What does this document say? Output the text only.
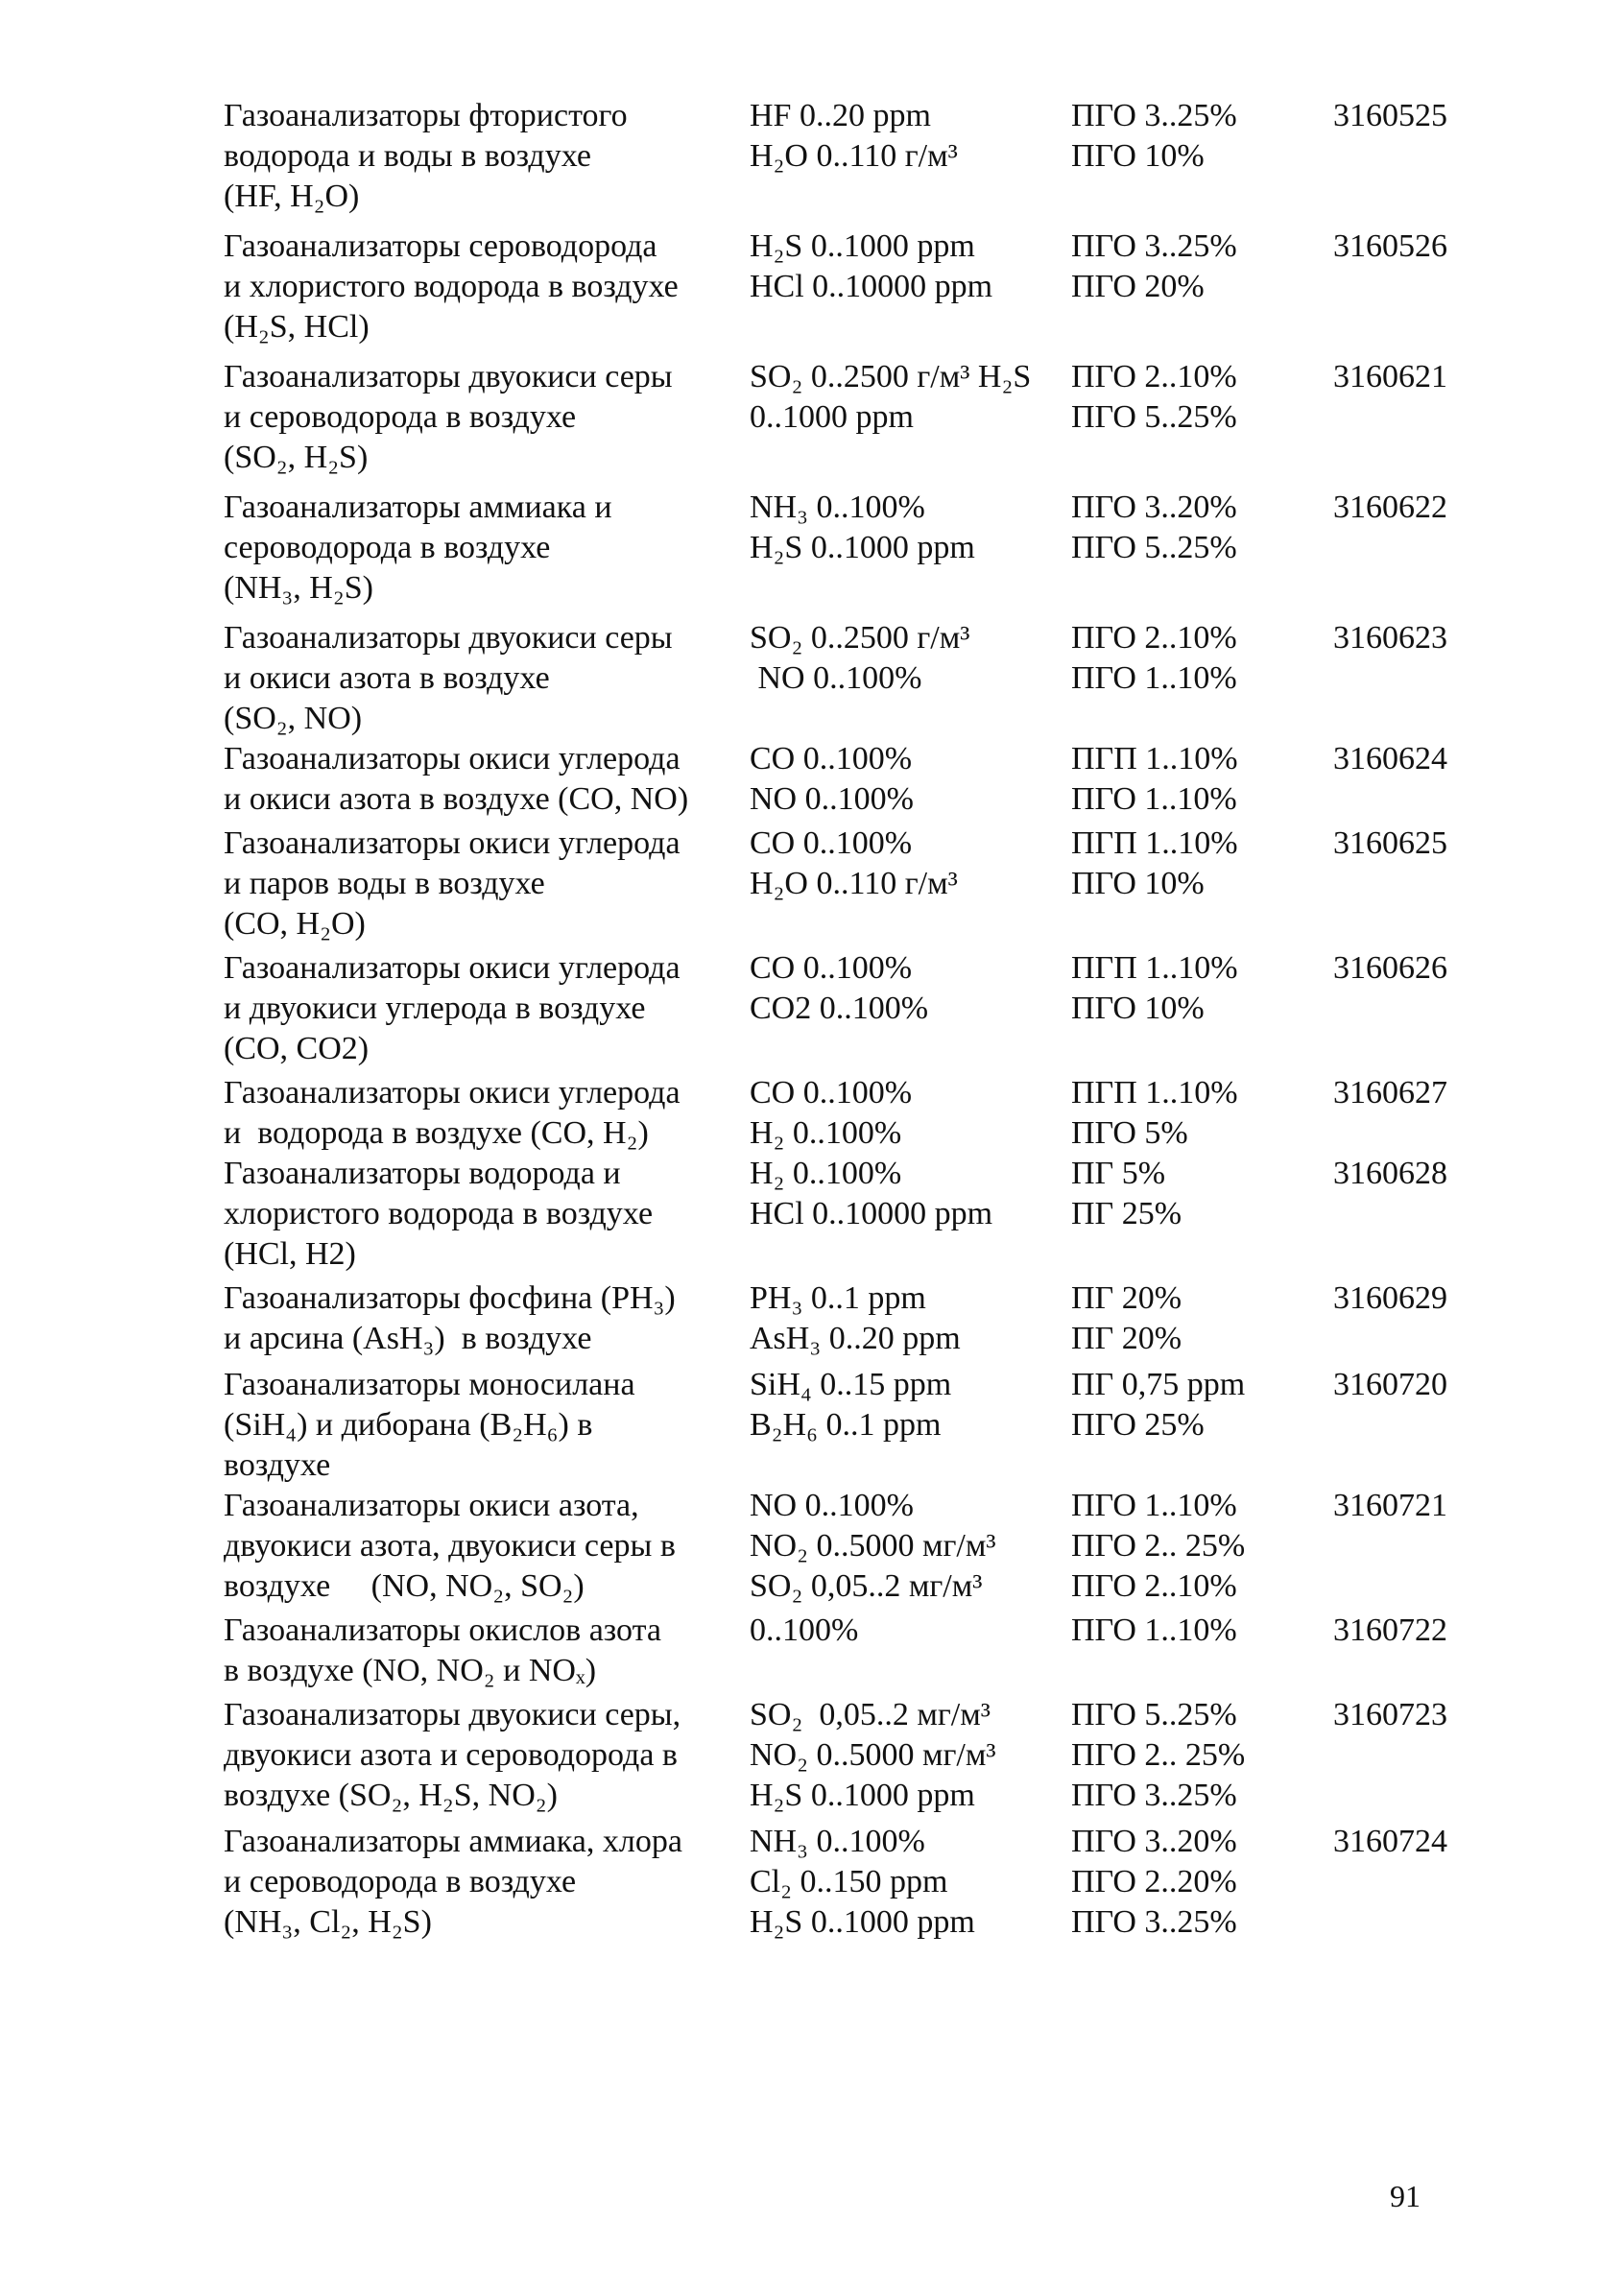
Газоанализаторы фтористого
водорода и воды в воздухе
(HF, H₂O)
HF 0..20 ppm
H₂O 0..110 г/м³
ПГО 3..25%
ПГО 10%
3160525
Газоанализаторы сероводорода
и хлористого водорода в воздухе
(H₂S, HCl)
H₂S 0..1000 ppm
HCl 0..10000 ppm
ПГО 3..25%
ПГО 20%
3160526
Газоанализаторы двуокиси серы
и сероводорода в воздухе
(SO₂, H₂S)
SO₂ 0..2500 г/м³ H₂S
0..1000 ppm
ПГО 2..10%
ПГО 5..25%
3160621
Газоанализаторы аммиака и
сероводорода в воздухе
(NH₃, H₂S)
NH₃ 0..100%
H₂S 0..1000 ppm
ПГО 3..20%
ПГО 5..25%
3160622
Газоанализаторы двуокиси серы
и окиси азота в воздухе
(SO₂, NO)
SO₂ 0..2500 г/м³
NO 0..100%
ПГО 2..10%
ПГО 1..10%
3160623
Газоанализаторы окиси углерода
и окиси азота в воздухе (CO, NO)
CO 0..100%
NO 0..100%
ПГП 1..10%
ПГО 1..10%
3160624
Газоанализаторы окиси углерода
и паров воды в воздухе
(CO, H₂O)
CO 0..100%
H₂O 0..110 г/м³
ПГП 1..10%
ПГО 10%
3160625
Газоанализаторы окиси углерода
и двуокиси углерода в воздухе
(CO, CO2)
CO 0..100%
CO2 0..100%
ПГП 1..10%
ПГО 10%
3160626
Газоанализаторы окиси углерода
и  водорода в воздухе (CO, H₂)
CO 0..100%
H₂ 0..100%
ПГП 1..10%
ПГО 5%
3160627
Газоанализаторы водорода и
хлористого водорода в воздухе
(HCl, H2)
H₂ 0..100%
HCl 0..10000 ppm
ПГ 5%
ПГ 25%
3160628
Газоанализаторы фосфина (PH₃)
и арсина (AsH₃)  в воздухе
PH₃ 0..1 ppm
AsH₃ 0..20 ppm
ПГ 20%
ПГ 20%
3160629
Газоанализаторы моносилана
(SiH₄) и диборана (B₂H₆) в
воздухе
SiH₄ 0..15 ppm
B₂H₆ 0..1 ppm
ПГ 0,75 ppm
ПГО 25%
3160720
Газоанализаторы окиси азота,
двуокиси азота, двуокиси серы в
воздухе     (NO, NO₂, SO₂)
NO 0..100%
NO₂ 0..5000 мг/м³
SO₂ 0,05..2 мг/м³
ПГО 1..10%
ПГО 2.. 25%
ПГО 2..10%
3160721
Газоанализаторы окислов азота
в воздухе (NO, NO₂ и NOₓ)
0..100%	ПГО 1..10%	3160722
Газоанализаторы двуокиси серы,
двуокиси азота и сероводорода в
воздухе (SO₂, H₂S, NO₂)
SO₂  0,05..2 мг/м³
NO₂ 0..5000 мг/м³
H₂S 0..1000 ppm
ПГО 5..25%
ПГО 2.. 25%
ПГО 3..25%
3160723
Газоанализаторы аммиака, хлора
и сероводорода в воздухе
(NH₃, Cl₂, H₂S)
NH₃ 0..100%
Cl₂ 0..150 ppm
H₂S 0..1000 ppm
ПГО 3..20%
ПГО 2..20%
ПГО 3..25%
3160724
91
